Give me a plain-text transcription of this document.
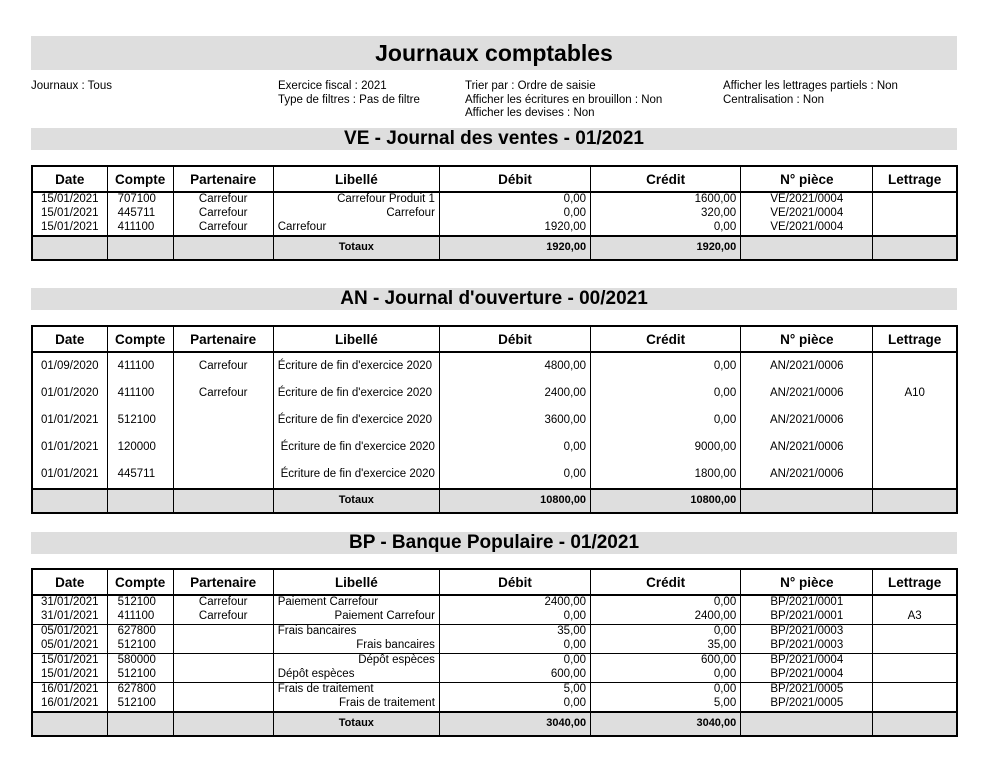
Journaux comptables
Journaux : Tous	Exercice fiscal : 2021
Type de filtres : Pas de filtre
Trier par : Ordre de saisie
Afficher les écritures en brouillon : Non
Afficher les devises : Non
Afficher les lettrages partiels : Non
Centralisation : Non
VE - Journal des ventes - 01/2021
Date	Compte	Partenaire	Libellé	Débit	Crédit	N° pièce	Lettrage
15/01/2021	707100	Carrefour	Carrefour Produit 1	0,00	1600,00	VE/2021/0004	
15/01/2021	445711	Carrefour	Carrefour	0,00	320,00	VE/2021/0004	
15/01/2021	411100	Carrefour	Carrefour	1920,00	0,00	VE/2021/0004	
			Totaux	1920,00	1920,00		
AN - Journal d'ouverture - 00/2021
Date	Compte	Partenaire	Libellé	Débit	Crédit	N° pièce	Lettrage
01/09/2020	411100	Carrefour	Écriture de fin d'exercice 2020	4800,00	0,00	AN/2021/0006	
01/01/2020	411100	Carrefour	Écriture de fin d'exercice 2020	2400,00	0,00	AN/2021/0006	A10
01/01/2021	512100		Écriture de fin d'exercice 2020	3600,00	0,00	AN/2021/0006	
01/01/2021	120000		Écriture de fin d'exercice 2020	0,00	9000,00	AN/2021/0006	
01/01/2021	445711		Écriture de fin d'exercice 2020	0,00	1800,00	AN/2021/0006	
			Totaux	10800,00	10800,00		
BP - Banque Populaire - 01/2021
Date	Compte	Partenaire	Libellé	Débit	Crédit	N° pièce	Lettrage
31/01/2021	512100	Carrefour	Paiement Carrefour	2400,00	0,00	BP/2021/0001	
31/01/2021	411100	Carrefour	Paiement Carrefour	0,00	2400,00	BP/2021/0001	A3
05/01/2021	627800		Frais bancaires	35,00	0,00	BP/2021/0003	
05/01/2021	512100		Frais bancaires	0,00	35,00	BP/2021/0003	
15/01/2021	580000		Dépôt espèces	0,00	600,00	BP/2021/0004	
15/01/2021	512100		Dépôt espèces	600,00	0,00	BP/2021/0004	
16/01/2021	627800		Frais de traitement	5,00	0,00	BP/2021/0005	
16/01/2021	512100		Frais de traitement	0,00	5,00	BP/2021/0005	
			Totaux	3040,00	3040,00		
